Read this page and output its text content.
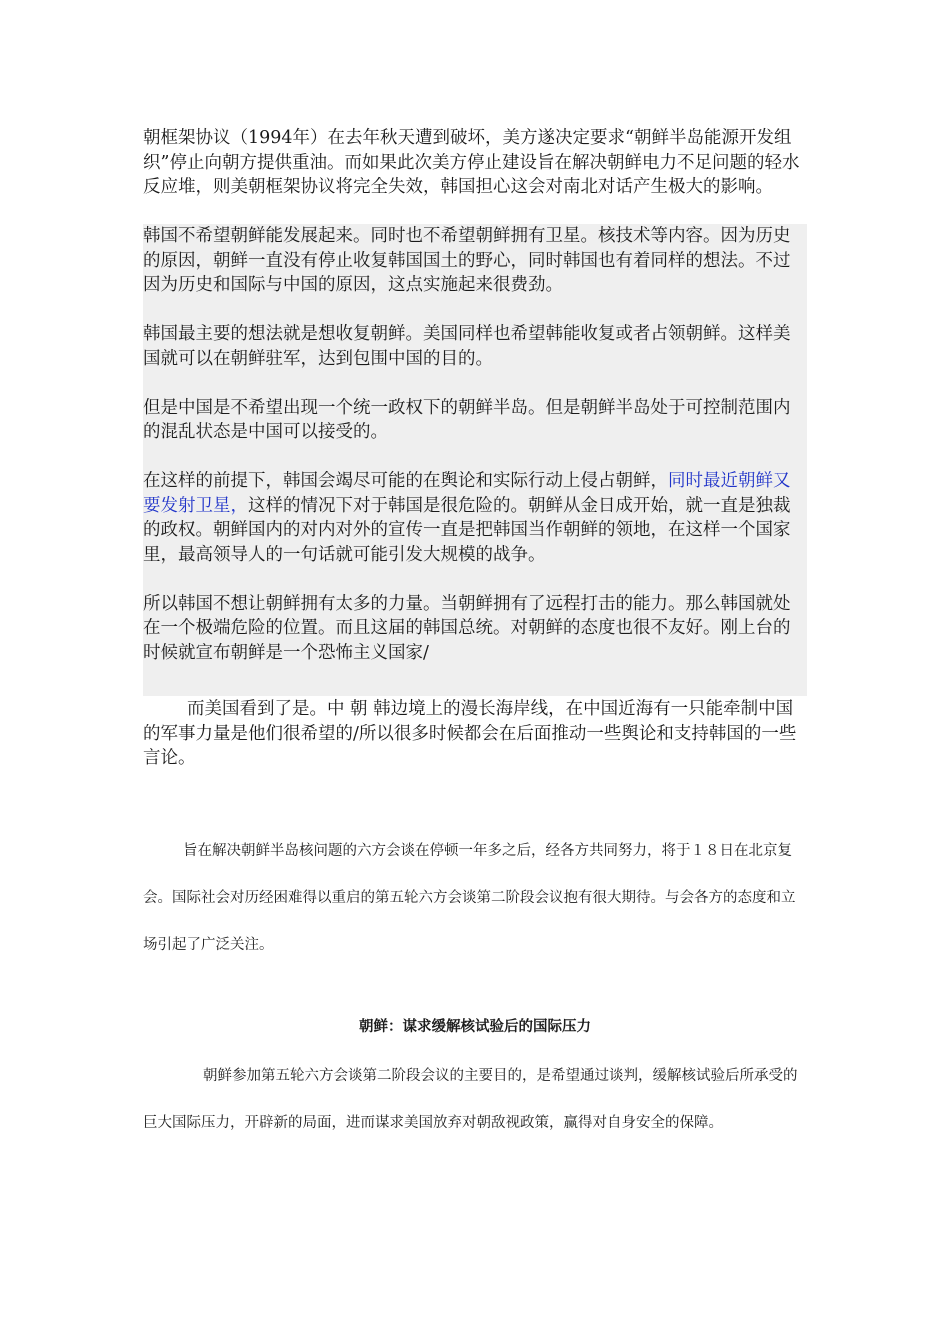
朝框架协议（1994年）在去年秋天遭到破坏，美方遂决定要求“朝鲜半岛能源开发组织”停止向朝方提供重油。而如果此次美方停止建设旨在解决朝鲜电力不足问题的轻水反应堆，则美朝框架协议将完全失效，韩国担心这会对南北对话产生极大的影响。

韩国不希望朝鲜能发展起来。同时也不希望朝鲜拥有卫星。核技术等内容。因为历史的原因，朝鲜一直没有停止收复韩国国土的野心，同时韩国也有着同样的想法。不过因为历史和国际与中国的原因，这点实施起来很费劲。

韩国最主要的想法就是想收复朝鲜。美国同样也希望韩能收复或者占领朝鲜。这样美国就可以在朝鲜驻军，达到包围中国的目的。

但是中国是不希望出现一个统一政权下的朝鲜半岛。但是朝鲜半岛处于可控制范围内的混乱状态是中国可以接受的。

在这样的前提下，韩国会竭尽可能的在舆论和实际行动上侵占朝鲜，同时最近朝鲜又要发射卫星，这样的情况下对于韩国是很危险的。朝鲜从金日成开始，就一直是独裁的政权。朝鲜国内的对内对外的宣传一直是把韩国当作朝鲜的领地，在这样一个国家里，最高领导人的一句话就可能引发大规模的战争。

所以韩国不想让朝鲜拥有太多的力量。当朝鲜拥有了远程打击的能力。那么韩国就处在一个极端危险的位置。而且这届的韩国总统。对朝鲜的态度也很不友好。刚上台的时候就宣布朝鲜是一个恐怖主义国家/

而美国看到了是。中 朝 韩边境上的漫长海岸线，在中国近海有一只能牵制中国的军事力量是他们很希望的/所以很多时候都会在后面推动一些舆论和支持韩国的一些言论。

旨在解决朝鲜半岛核问题的六方会谈在停顿一年多之后，经各方共同努力，将于１８日在北京复会。国际社会对历经困难得以重启的第五轮六方会谈第二阶段会议抱有很大期待。与会各方的态度和立场引起了广泛关注。

朝鲜：谋求缓解核试验后的国际压力

朝鲜参加第五轮六方会谈第二阶段会议的主要目的，是希望通过谈判，缓解核试验后所承受的巨大国际压力，开辟新的局面，进而谋求美国放弃对朝敌视政策，赢得对自身安全的保障。
